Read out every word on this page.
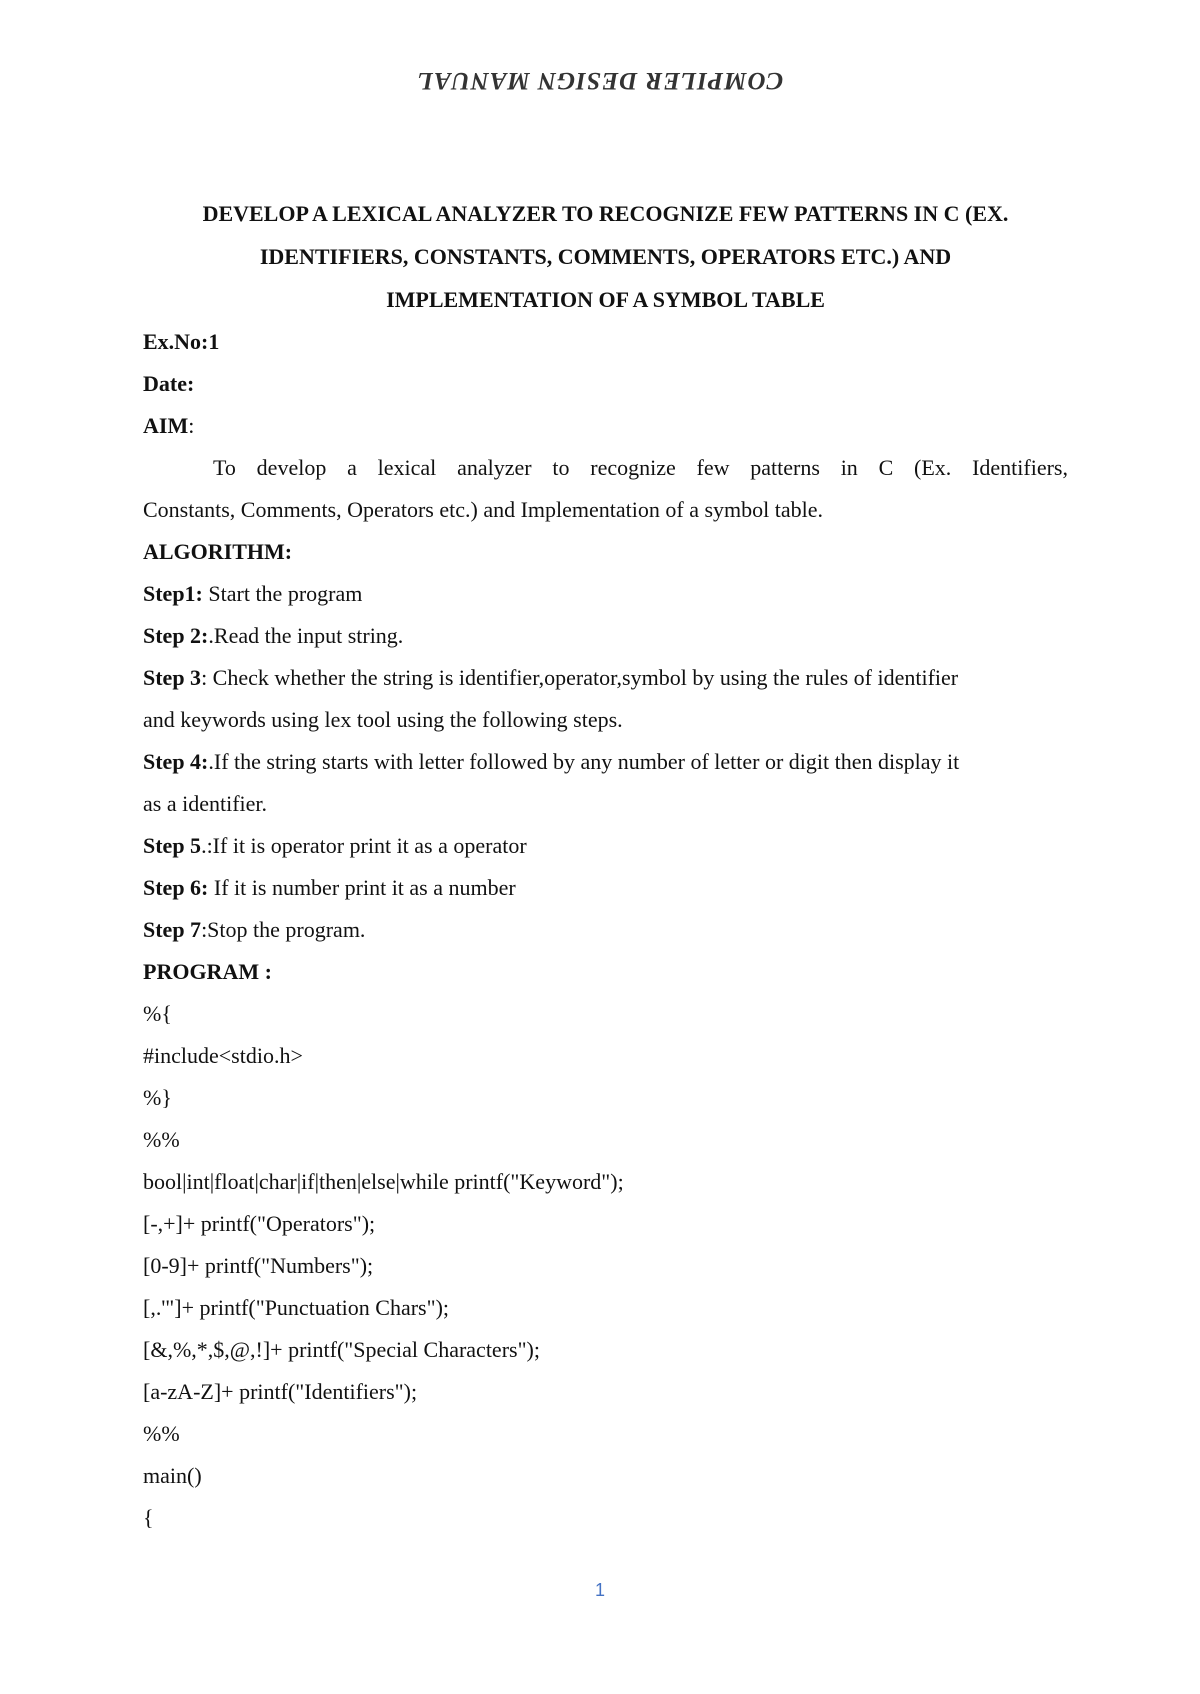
COMPILER DESIGN MANUAL
DEVELOP A LEXICAL ANALYZER TO RECOGNIZE FEW PATTERNS IN C (EX.
IDENTIFIERS, CONSTANTS, COMMENTS, OPERATORS ETC.) AND
IMPLEMENTATION OF A SYMBOL TABLE
Ex.No:1
Date:
AIM:
To develop a lexical analyzer to recognize few patterns in C (Ex. Identifiers,
Constants, Comments, Operators etc.) and Implementation of a symbol table.
ALGORITHM:
Step1: Start the program
Step 2:.Read the input string.
Step 3: Check whether the string is identifier,operator,symbol by using the rules of identifier
and keywords using lex tool using the following steps.
Step 4:.If the string starts with letter followed by any number of letter or digit then display it
as a identifier.
Step 5.:If it is operator print it as a operator
Step 6: If it is number print it as a number
Step 7:Stop the program.
PROGRAM :
%{
#include<stdio.h>
%}
%%
bool|int|float|char|if|then|else|while printf("Keyword");
[-,+]+ printf("Operators");
[0-9]+ printf("Numbers");
[,.'"]+ printf("Punctuation Chars");
[&,%,*,$,@,!]+ printf("Special Characters");
[a-zA-Z]+ printf("Identifiers");
%%
main()
{
1
